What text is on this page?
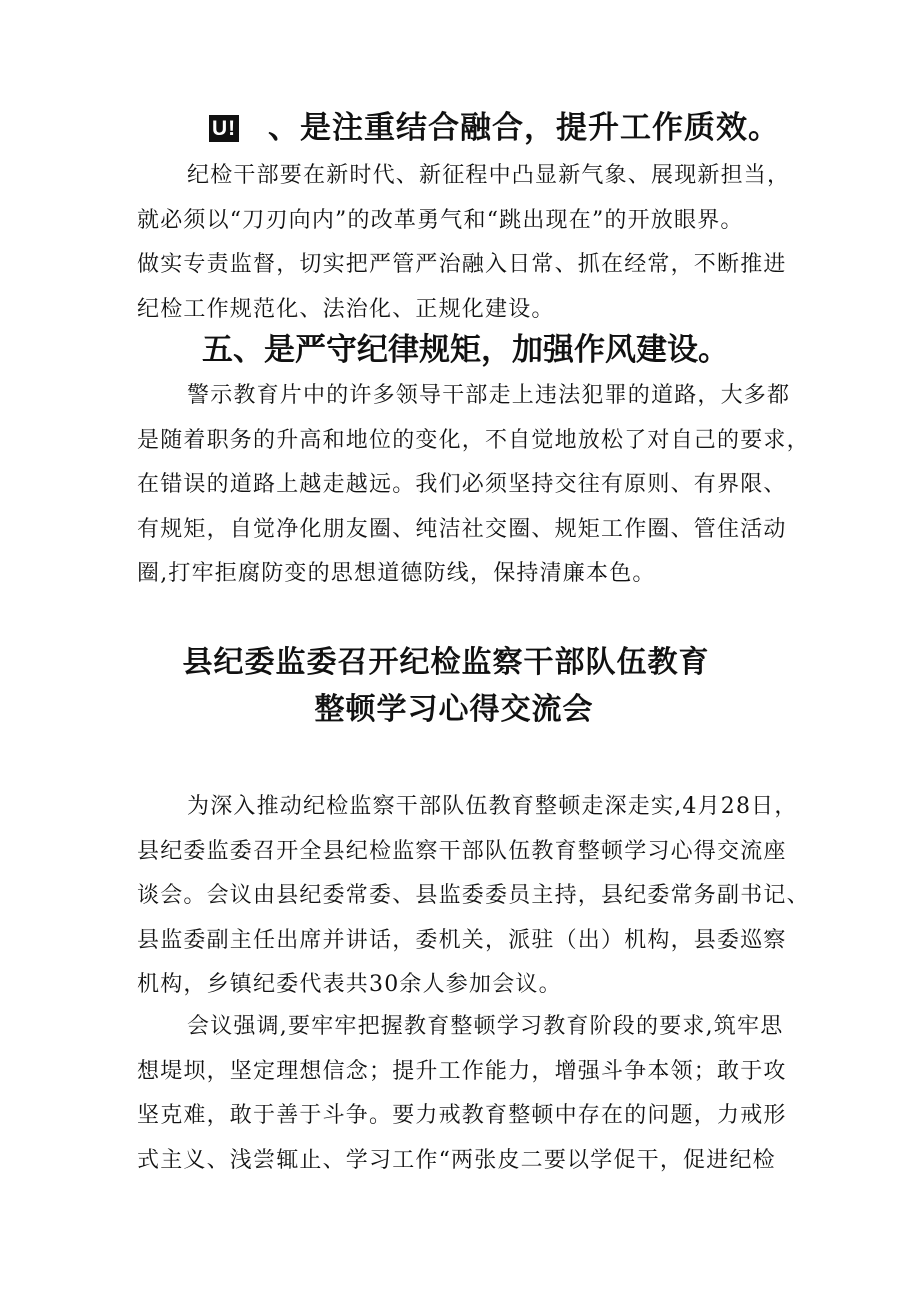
U! 、是注重结合融合，提升工作质效。

纪检干部要在新时代、新征程中凸显新气象、展现新担当，
就必须以“刀刃向内”的改革勇气和“跳出现在”的开放眼界。
做实专责监督，切实把严管严治融入日常、抓在经常，不断推进
纪检工作规范化、法治化、正规化建设。

五、是严守纪律规矩，加强作风建设。

警示教育片中的许多领导干部走上违法犯罪的道路，大多都
是随着职务的升高和地位的变化，不自觉地放松了对自己的要求，
在错误的道路上越走越远。我们必须坚持交往有原则、有界限、
有规矩，自觉净化朋友圈、纯洁社交圈、规矩工作圈、管住活动
圈,打牢拒腐防变的思想道德防线，保持清廉本色。

县纪委监委召开纪检监察干部队伍教育
整顿学习心得交流会

为深入推动纪检监察干部队伍教育整顿走深走实,4月28日，
县纪委监委召开全县纪检监察干部队伍教育整顿学习心得交流座
谈会。会议由县纪委常委、县监委委员主持，县纪委常务副书记、
县监委副主任出席并讲话，委机关，派驻（出）机构，县委巡察
机构，乡镇纪委代表共30余人参加会议。

会议强调,要牢牢把握教育整顿学习教育阶段的要求,筑牢思
想堤坝，坚定理想信念；提升工作能力，增强斗争本领；敢于攻
坚克难，敢于善于斗争。要力戒教育整顿中存在的问题，力戒形
式主义、浅尝辄止、学习工作“两张皮二要以学促干，促进纪检
